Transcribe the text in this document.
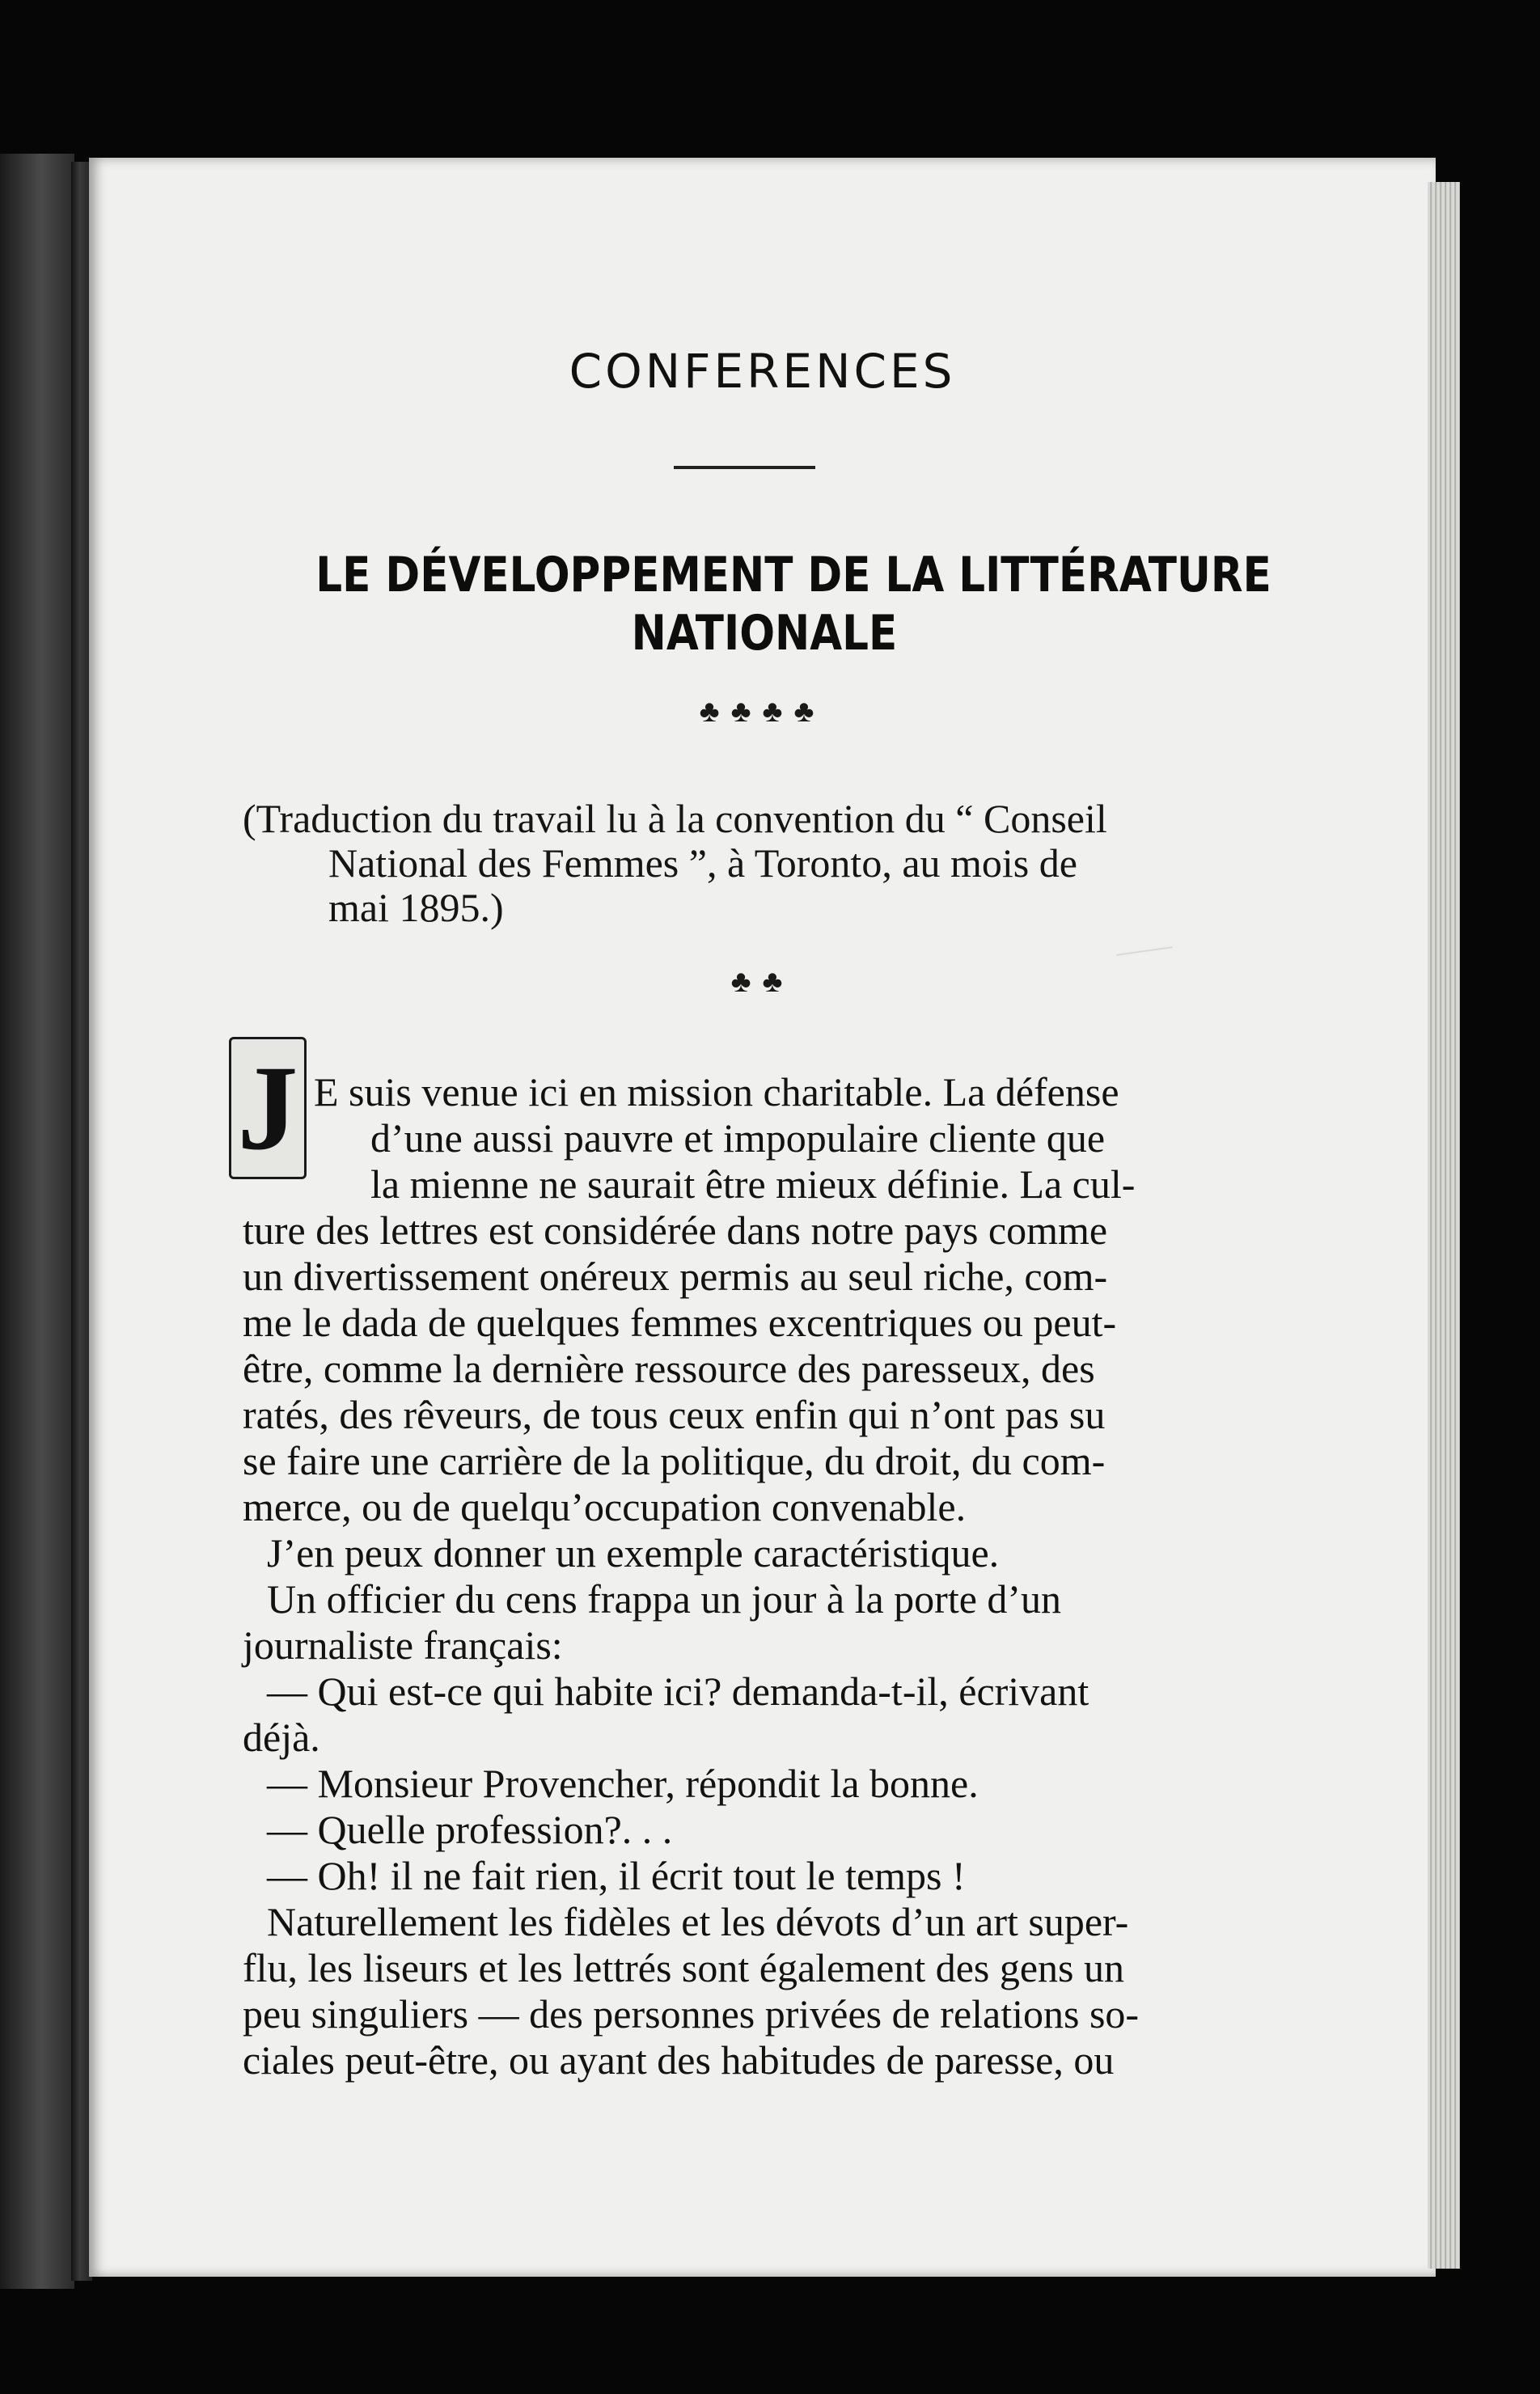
CONFERENCES
LE DÉVELOPPEMENT DE LA LITTÉRATURE
NATIONALE
♣♣♣♣
(Traduction du travail lu à la convention du “ Conseil
National des Femmes ”, à Toronto, au mois de
mai 1895.)
♣♣
J E suis venue ici en mission charitable. La défense
d’une aussi pauvre et impopulaire cliente que
la mienne ne saurait être mieux définie. La cul-
ture des lettres est considérée dans notre pays comme
un divertissement onéreux permis au seul riche, com-
me le dada de quelques femmes excentriques ou peut-
être, comme la dernière ressource des paresseux, des
ratés, des rêveurs, de tous ceux enfin qui n’ont pas su
se faire une carrière de la politique, du droit, du com-
merce, ou de quelqu’occupation convenable.
J’en peux donner un exemple caractéristique.
Un officier du cens frappa un jour à la porte d’un
journaliste français:
— Qui est-ce qui habite ici? demanda-t-il, écrivant
déjà.
— Monsieur Provencher, répondit la bonne.
— Quelle profession?. . .
— Oh! il ne fait rien, il écrit tout le temps !
Naturellement les fidèles et les dévots d’un art super-
flu, les liseurs et les lettrés sont également des gens un
peu singuliers — des personnes privées de relations so-
ciales peut-être, ou ayant des habitudes de paresse, ou
